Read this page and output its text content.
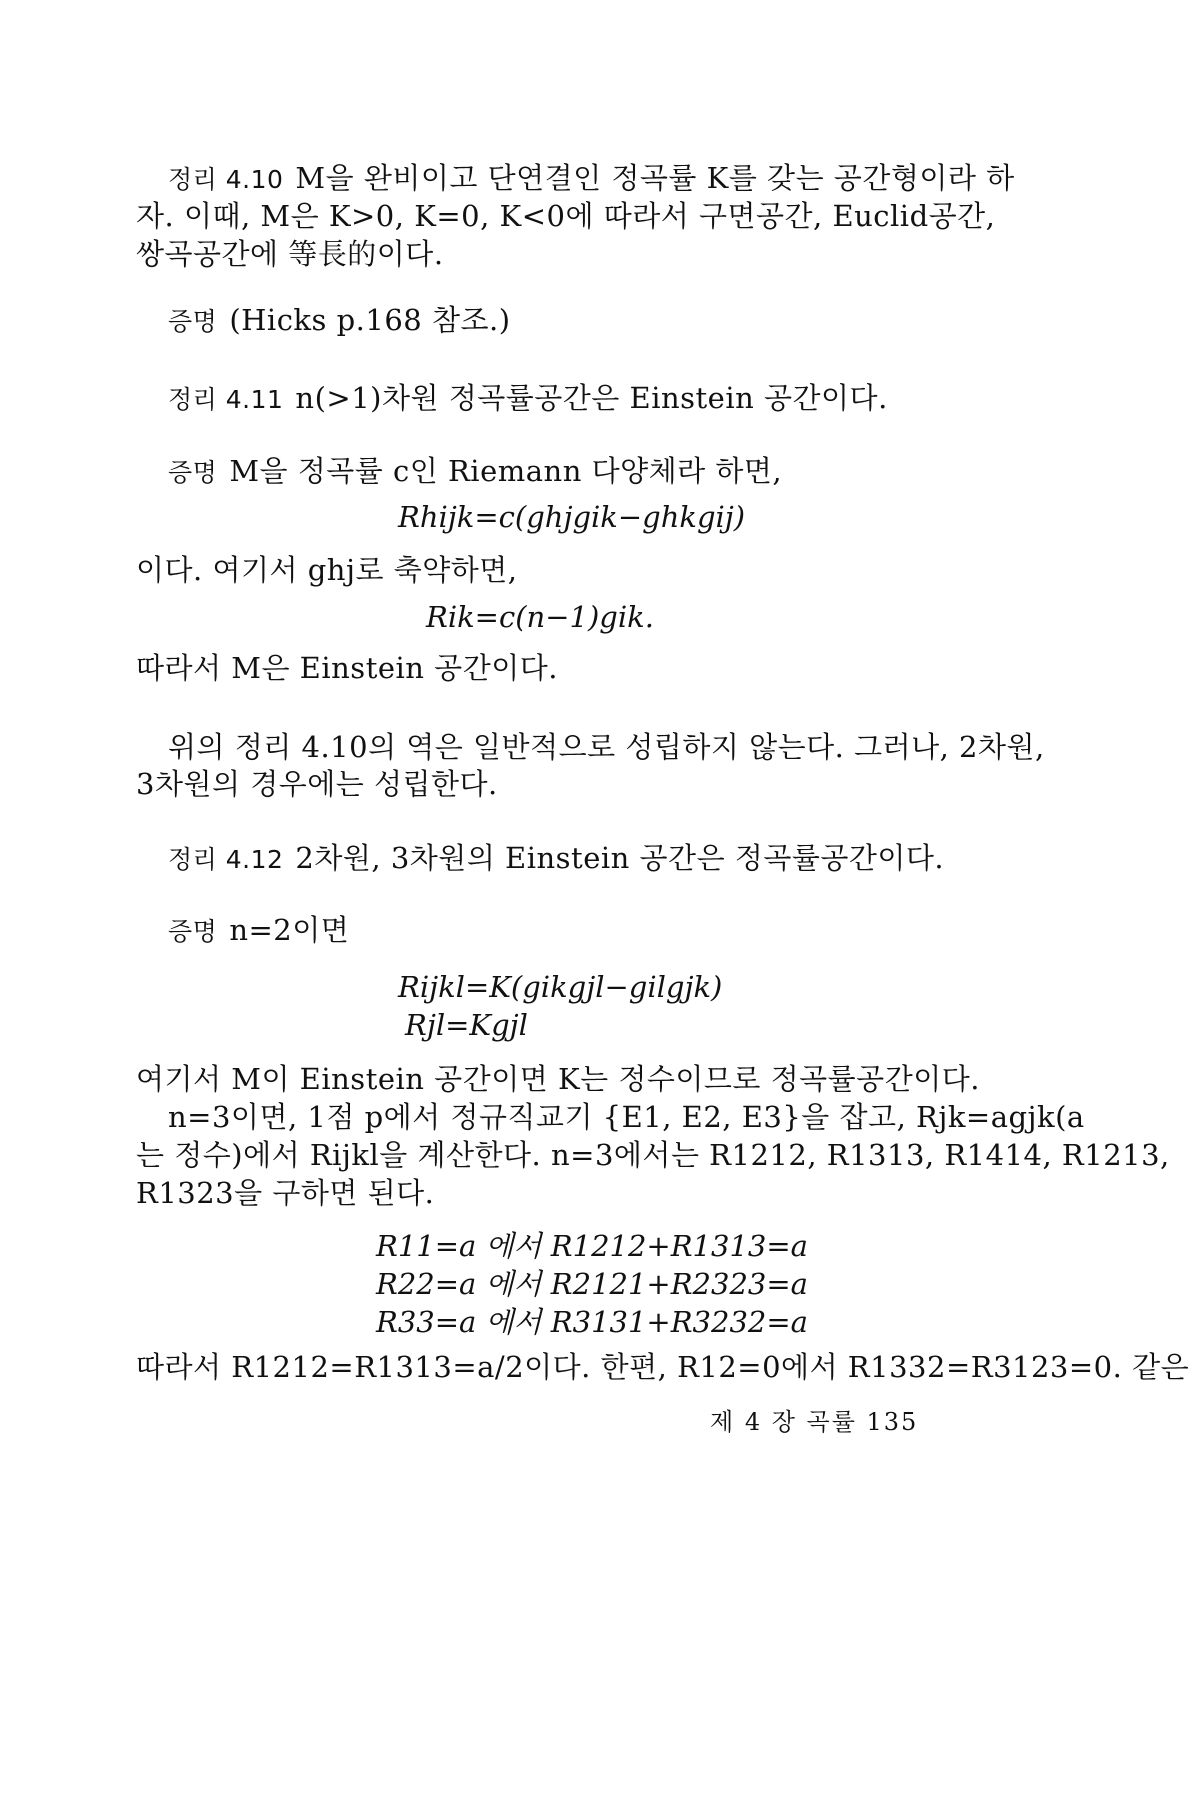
정리 4.10 M을 완비이고 단연결인 정곡률 K를 갖는 공간형이라 하
자. 이때, M은 K>0, K=0, K<0에 따라서 구면공간, Euclid공간,
쌍곡공간에 等長的이다.
증명 (Hicks p.168 참조.)
정리 4.11 n(>1)차원 정곡률공간은 Einstein 공간이다.
증명 M을 정곡률 c인 Riemann 다양체라 하면,
Rhijk=c(ghjgik−ghkgij)
이다. 여기서 ghj로 축약하면,
Rik=c(n−1)gik.
따라서 M은 Einstein 공간이다.
위의 정리 4.10의 역은 일반적으로 성립하지 않는다. 그러나, 2차원,
3차원의 경우에는 성립한다.
정리 4.12 2차원, 3차원의 Einstein 공간은 정곡률공간이다.
증명 n=2이면
Rijkl=K(gikgjl−gilgjk)
Rjl=Kgjl
여기서 M이 Einstein 공간이면 K는 정수이므로 정곡률공간이다.
n=3이면, 1점 p에서 정규직교기 {E1, E2, E3}을 잡고, Rjk=agjk(a
는 정수)에서 Rijkl을 계산한다. n=3에서는 R1212, R1313, R1414, R1213,
R1323을 구하면 된다.
R11=a 에서 R1212+R1313=a
R22=a 에서 R2121+R2323=a
R33=a 에서 R3131+R3232=a
따라서 R1212=R1313=a/2이다. 한편, R12=0에서 R1332=R3123=0. 같은
제 4 장 곡률 135
